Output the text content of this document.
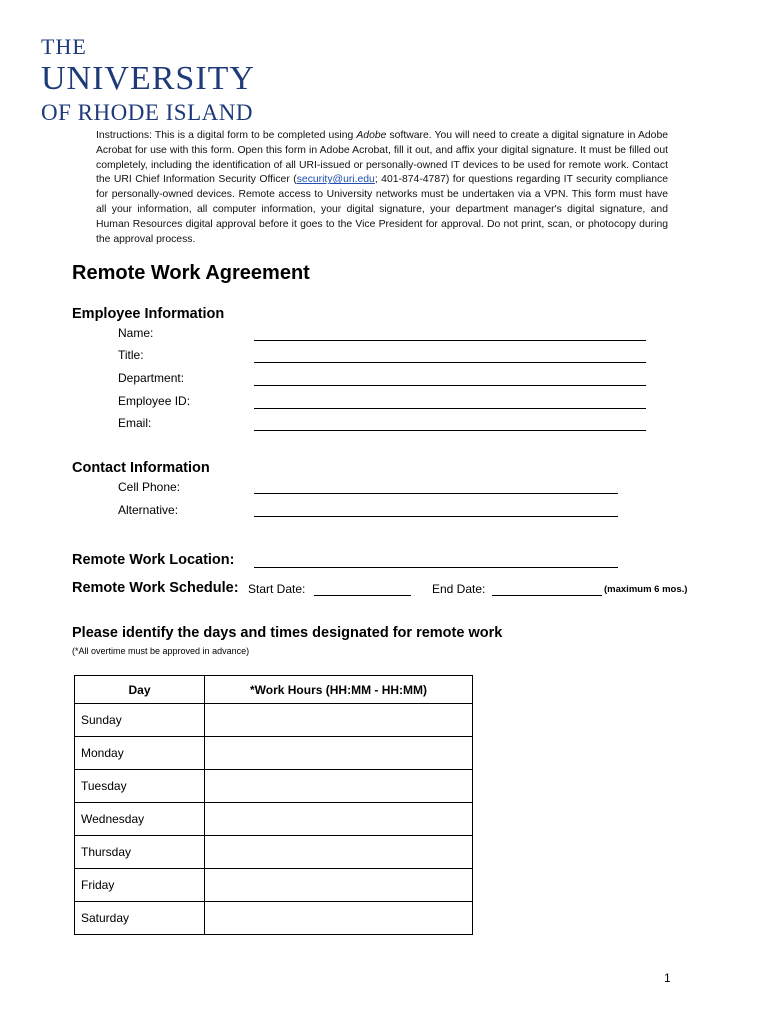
THE
UNIVERSITY
OF RHODE ISLAND
Instructions: This is a digital form to be completed using Adobe software. You will need to create a digital signature in Adobe Acrobat for use with this form. Open this form in Adobe Acrobat, fill it out, and affix your digital signature. It must be filled out completely, including the identification of all URI-issued or personally-owned IT devices to be used for remote work. Contact the URI Chief Information Security Officer (security@uri.edu; 401-874-4787) for questions regarding IT security compliance for personally-owned devices. Remote access to University networks must be undertaken via a VPN. This form must have all your information, all computer information, your digital signature, your department manager's digital signature, and Human Resources digital approval before it goes to the Vice President for approval. Do not print, scan, or photocopy during the approval process.
Remote Work Agreement
Employee Information
Name:
Title:
Department:
Employee ID:
Email:
Contact Information
Cell Phone:
Alternative:
Remote Work Location:
Remote Work Schedule: Start Date:	End Date:	(maximum 6 mos.)
Please identify the days and times designated for remote work
(*All overtime must be approved in advance)
Day	*Work Hours (HH:MM - HH:MM)
Sunday	
Monday	
Tuesday	
Wednesday	
Thursday	
Friday	
Saturday	
1
